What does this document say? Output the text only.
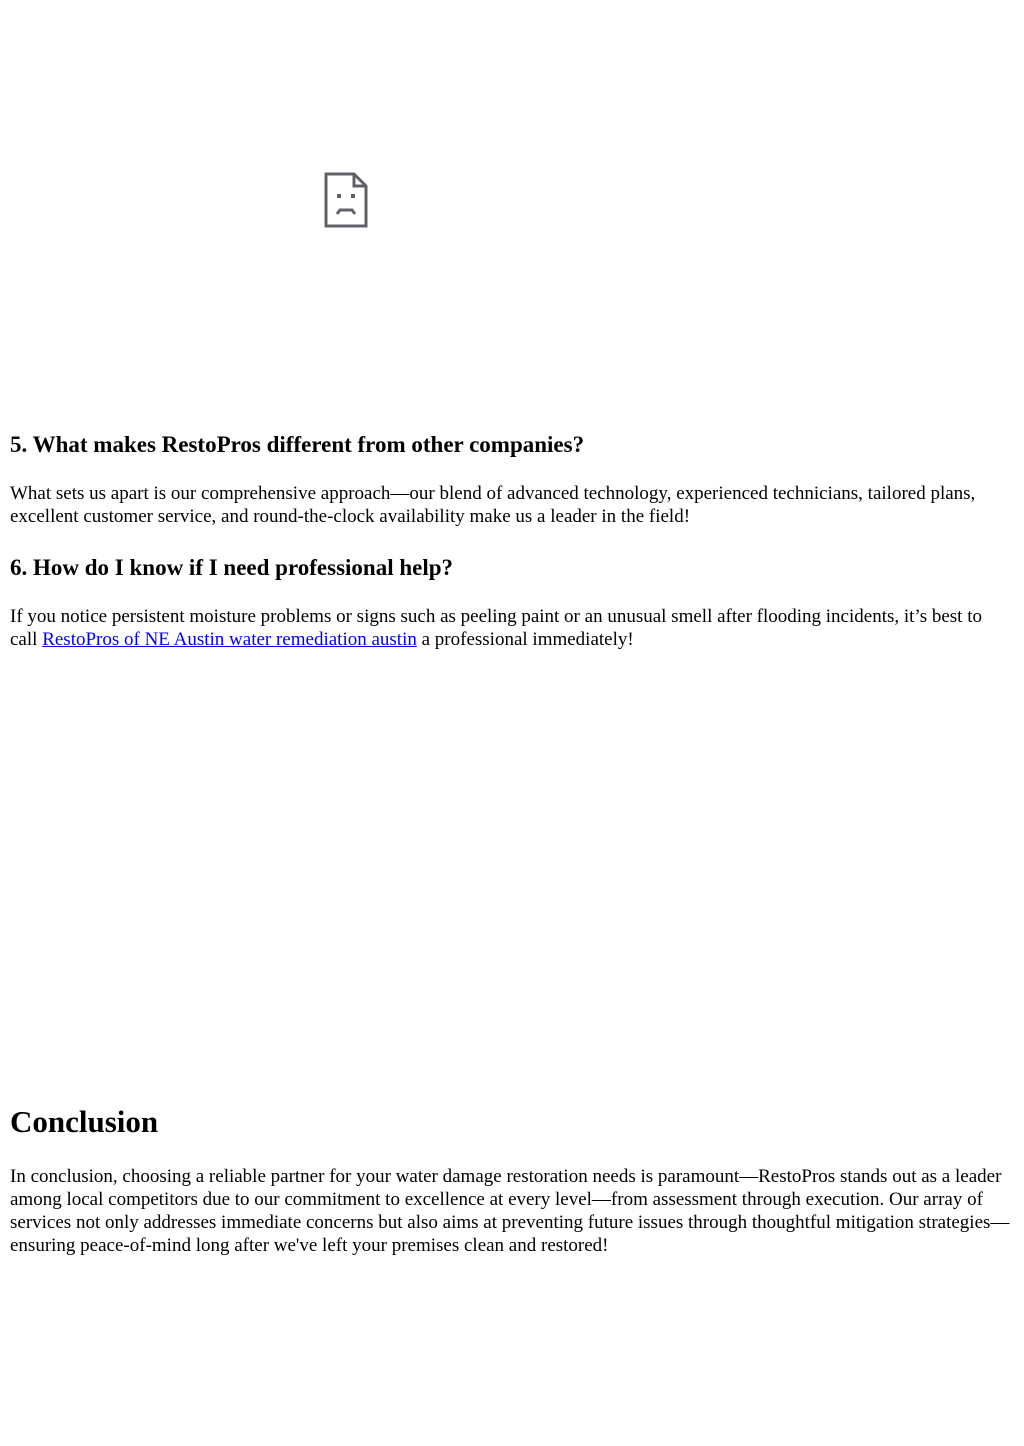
5. What makes RestoPros different from other companies?

What sets us apart is our comprehensive approach—our blend of advanced technology, experienced technicians, tailored plans, excellent customer service, and round-the-clock availability make us a leader in the field!

6. How do I know if I need professional help?

If you notice persistent moisture problems or signs such as peeling paint or an unusual smell after flooding incidents, it’s best to call RestoPros of NE Austin water remediation austin a professional immediately!

Conclusion

In conclusion, choosing a reliable partner for your water damage restoration needs is paramount—RestoPros stands out as a leader among local competitors due to our commitment to excellence at every level—from assessment through execution. Our array of services not only addresses immediate concerns but also aims at preventing future issues through thoughtful mitigation strategies—ensuring peace-of-mind long after we've left your premises clean and restored!
